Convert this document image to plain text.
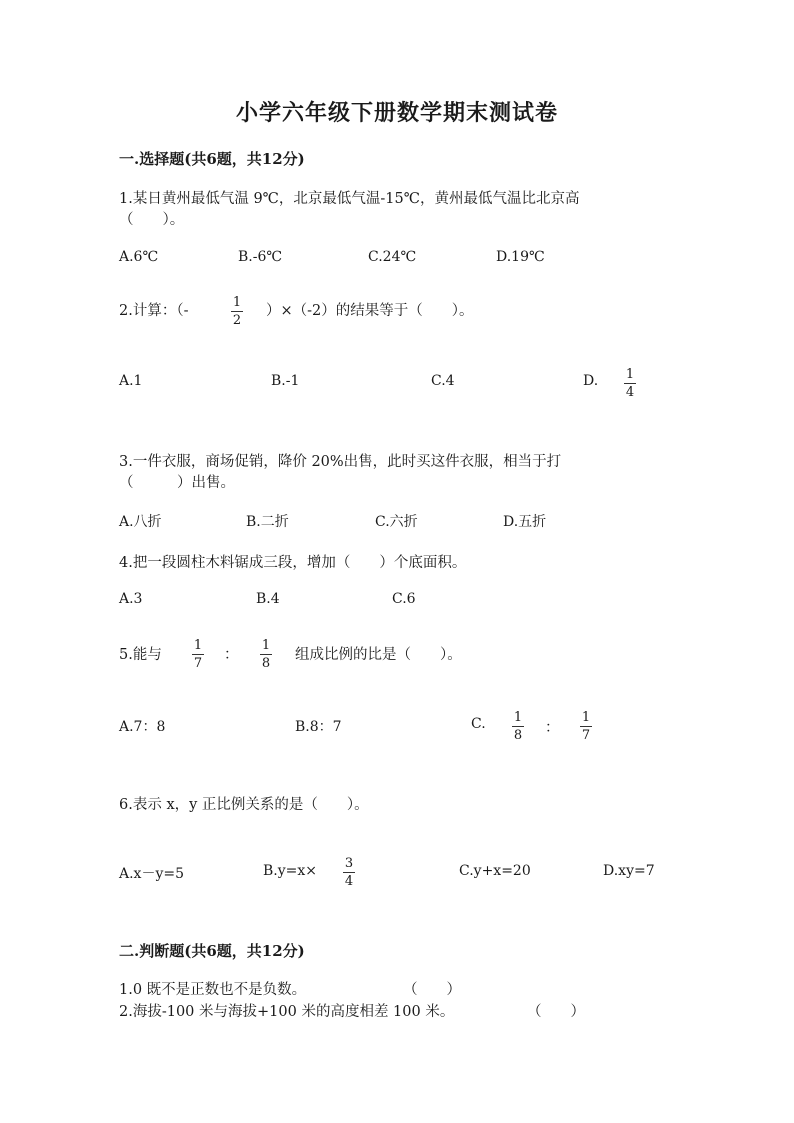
小学六年级下册数学期末测试卷
一.选择题(共6题，共12分)
1.某日黄州最低气温 9℃，北京最低气温-15℃，黄州最低气温比北京高
（　　）。
A.6℃	B.-6℃	C.24℃	D.19℃
2.计算：（-
1
2
）×（-2）的结果等于（　　）。
A.1	B.-1	C.4	D. 1
4
3.一件衣服，商场促销，降价 20%出售，此时买这件衣服，相当于打
（　　　）出售。
A.八折	B.二折	C.六折	D.五折
4.把一段圆柱木料锯成三段，增加（　　）个底面积。
A.3	B.4	C.6
5.能与
1
7
：
1
8
组成比例的比是（　　）。
A.7：8	B.8：7	C. 1
8 ：
1
7
6.表示 x，y 正比例关系的是（　　）。
A.x－y=5	B.y=x× 3
4
C.y+x=20	D.xy=7
二.判断题(共6题，共12分)
1.0 既不是正数也不是负数。	（　　）
2.海拔-100 米与海拔+100 米的高度相差 100 米。	（　　）
